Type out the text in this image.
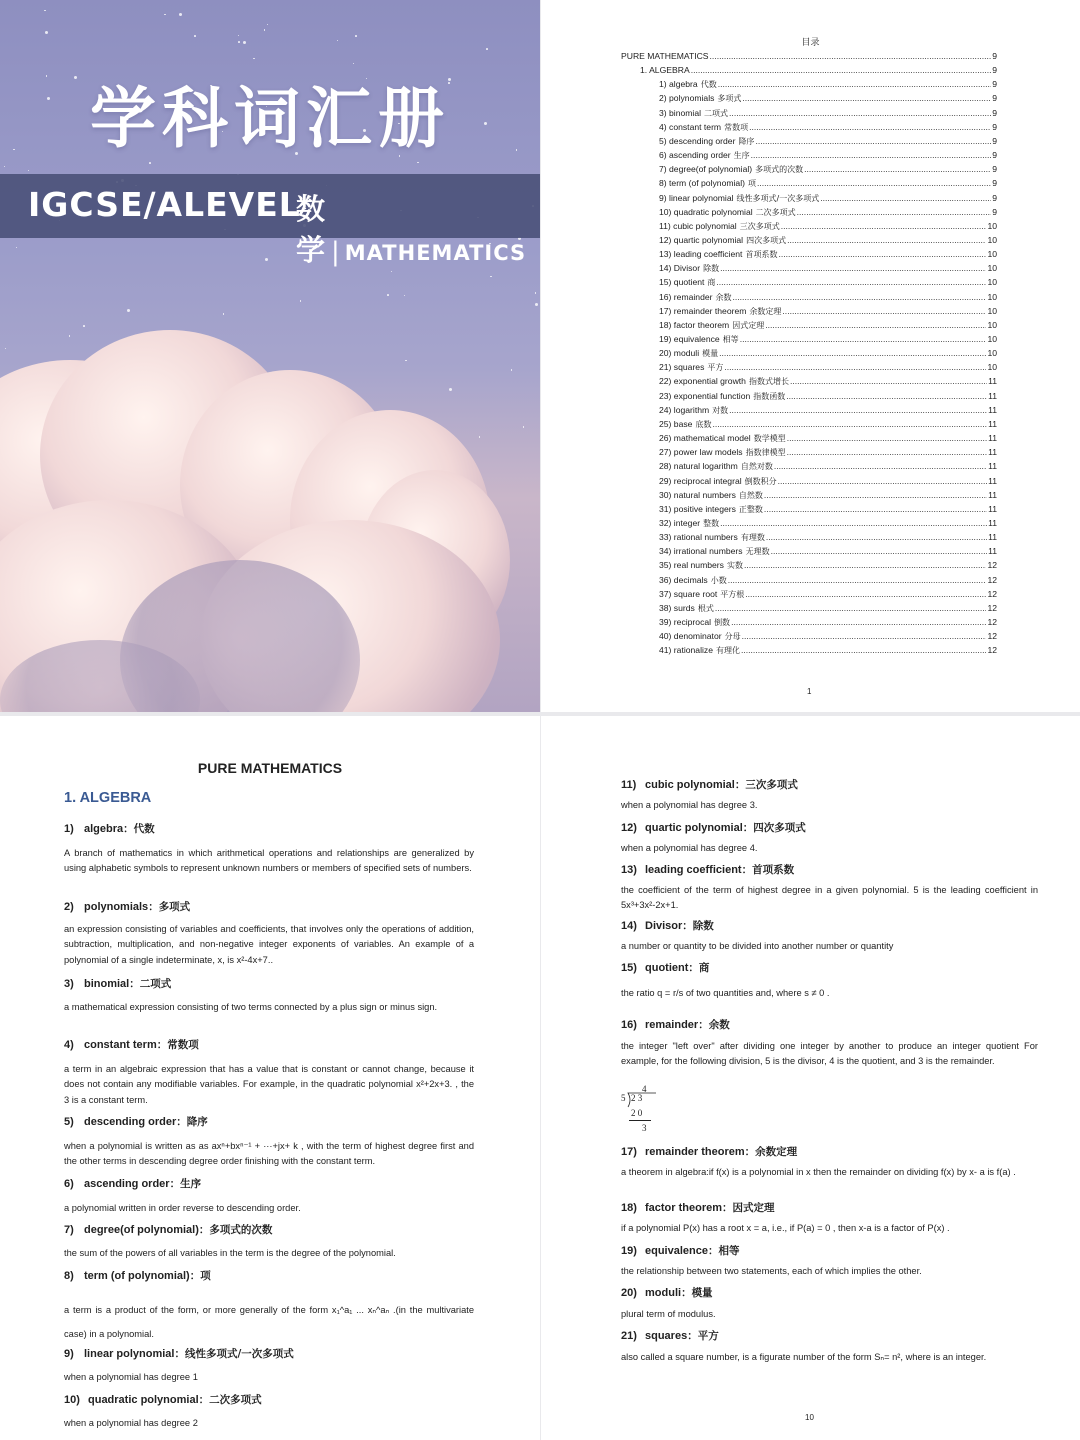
学科词汇册
IGCSE/ALEVEL
数学 | MATHEMATICS
目录
1
PURE MATHEMATICS .....	9
1. ALGEBRA .....	9
1) algebra 代数 .....	9
2) polynomials 多项式 .....	9
3) binomial 二项式 .....	9
4) constant term 常数项 .....	9
5) descending order 降序 .....	9
6) ascending order 生序 .....	9
7) degree(of polynomial) 多项式的次数 .....	9
8) term (of polynomial) 项 .....	9
9) linear polynomial 线性多项式/一次多项式 .....	9
10) quadratic polynomial 二次多项式 .....	9
11) cubic polynomial 三次多项式 .....	10
12) quartic polynomial 四次多项式 .....	10
13) leading coefficient 首项系数 .....	10
14) Divisor 除数 .....	10
15) quotient 商 .....	10
16) remainder 余数 .....	10
17) remainder theorem 余数定理 .....	10
18) factor theorem 因式定理 .....	10
19) equivalence 相等 .....	10
20) moduli 模量 .....	10
21) squares 平方 .....	10
22) exponential growth 指数式增长 .....	11
23) exponential function 指数函数 .....	11
24) logarithm 对数 .....	11
25) base 底数 .....	11
26) mathematical model 数学模型 .....	11
27) power law models 指数律模型 .....	11
28) natural logarithm 自然对数 .....	11
29) reciprocal integral 倒数积分 .....	11
30) natural numbers 自然数 .....	11
31) positive integers 正整数 .....	11
32) integer 整数 .....	11
33) rational numbers 有理数 .....	11
34) irrational numbers 无理数 .....	11
35) real numbers 实数 .....	12
36) decimals 小数 .....	12
37) square root 平方根 .....	12
38) surds 根式 .....	12
39) reciprocal 倒数 .....	12
40) denominator 分母 .....	12
41) rationalize 有理化 .....	12
PURE MATHEMATICS
1. ALGEBRA
1) algebra：代数
A branch of mathematics in which arithmetical operations and relationships are generalized by using alphabetic symbols to represent unknown numbers or members of specified sets of numbers.
2) polynomials：多项式
an expression consisting of variables and coefficients, that involves only the operations of addition, subtraction, multiplication, and non-negative integer exponents of variables. An example of a polynomial of a single indeterminate, x, is x²-4x+7..
3) binomial：二项式
a mathematical expression consisting of two terms connected by a plus sign or minus sign.
4) constant term：常数项
a term in an algebraic expression that has a value that is constant or cannot change, because it does not contain any modifiable variables. For example, in the quadratic polynomial x²+2x+3. , the 3 is a constant term.
5) descending order：降序
when a polynomial is written as as axⁿ+bxⁿ⁻¹ + ···+jx+ k , with the term of highest degree first and the other terms in descending degree order finishing with the constant term.
6) ascending order：生序
a polynomial written in order reverse to descending order.
7) degree(of polynomial)：多项式的次数
the sum of the powers of all variables in the term is the degree of the polynomial.
8) term (of polynomial)：项
a term is a product of the form, or more generally of the form x₁^a₁ ... xₙ^aₙ .(in the multivariate case) in a polynomial.
9) linear polynomial：线性多项式/一次多项式
when a polynomial has degree 1
10) quadratic polynomial：二次多项式
when a polynomial has degree 2
11) cubic polynomial：三次多项式
when a polynomial has degree 3.
12) quartic polynomial：四次多项式
when a polynomial has degree 4.
13) leading coefficient：首项系数
the coefficient of the term of highest degree in a given polynomial. 5 is the leading coefficient in 5x³+3x²-2x+1.
14) Divisor：除数
a number or quantity to be divided into another number or quantity
15) quotient：商
the ratio q = r/s of two quantities and, where s ≠ 0 .
16) remainder：余数
the integer "left over" after dividing one integer by another to produce an integer quotient For example, for the following division, 5 is the divisor, 4 is the quotient, and 3 is the remainder.
17) remainder theorem：余数定理
a theorem in algebra:if f(x) is a polynomial in x then the remainder on dividing f(x) by x- a is f(a) .
18) factor theorem：因式定理
if a polynomial P(x) has a root x = a, i.e., if P(a) = 0 , then x-a is a factor of P(x) .
19) equivalence：相等
the relationship between two statements, each of which implies the other.
20) moduli：模量
plural term of modulus.
21) squares：平方
also called a square number, is a figurate number of the form Sₙ= n², where is an integer.
4
5 2 3
2 0
3
10
